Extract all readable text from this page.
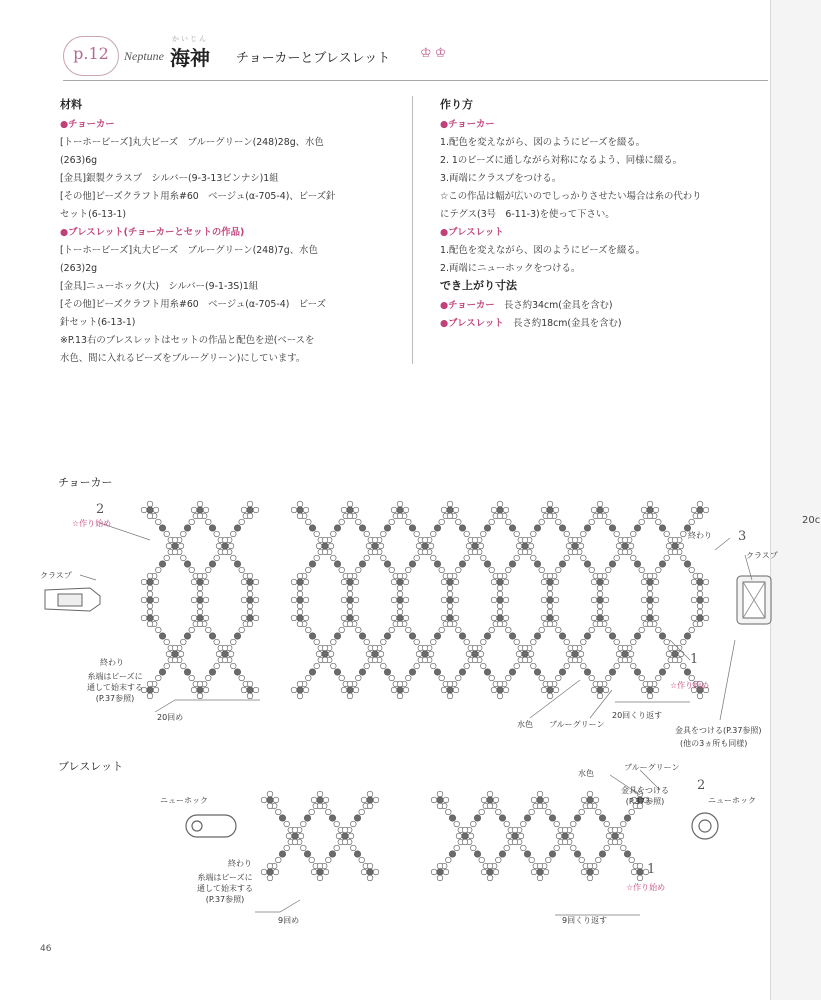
20c
p.12	Neptune
かいじん
海神 チョーカーとブレスレット ♔♔
材料
●チョーカー
[トーホービーズ]丸大ビーズ　ブルーグリーン(248)28g、水色
(263)6g
[金具]銀製クラスプ　シルバー(9-3-13ビンナシ)1組
[その他]ビーズクラフト用糸#60　ベージュ(α-705-4)、ビーズ針
セット(6-13-1)
●ブレスレット(チョーカーとセットの作品)
[トーホービーズ]丸大ビーズ　ブルーグリーン(248)7g、水色
(263)2g
[金具]ニューホック(大)　シルバー(9-1-3S)1組
[その他]ビーズクラフト用糸#60　ベージュ(α-705-4)　ビーズ
針セット(6-13-1)
※P.13右のブレスレットはセットの作品と配色を逆(ベースを
水色、間に入れるビーズをブルーグリーン)にしています。
作り方
●チョーカー
1.配色を変えながら、図のようにビーズを綴る。
2. 1のビーズに通しながら対称になるよう、同様に綴る。
3.両端にクラスプをつける。
☆この作品は幅が広いのでしっかりさせたい場合は糸の代わり
にテグス(3号　6-11-3)を使って下さい。
●ブレスレット
1.配色を変えながら、図のようにビーズを綴る。
2.両端にニューホックをつける。
でき上がり寸法
●チョーカー　長さ約34cm(金具を含む)
●ブレスレット　長さ約18cm(金具を含む)
チョーカー
2
☆作り始め
クラスプ
3
終わり
クラスプ
終わり
糸端はビーズに
通して始末する
(P.37参照)
20回め
1
☆作り始め
20回くり返す
水色　　ブルーグリーン
金具をつける(P.37参照)
(他の3ヵ所も同様)
ブレスレット
ニューホック
水色
ブルーグリーン
金具をつける
(P.37参照)
2
ニューホック
終わり
糸端はビーズに
通して始末する
(P.37参照)
9回め
1
☆作り始め
9回くり返す
46
